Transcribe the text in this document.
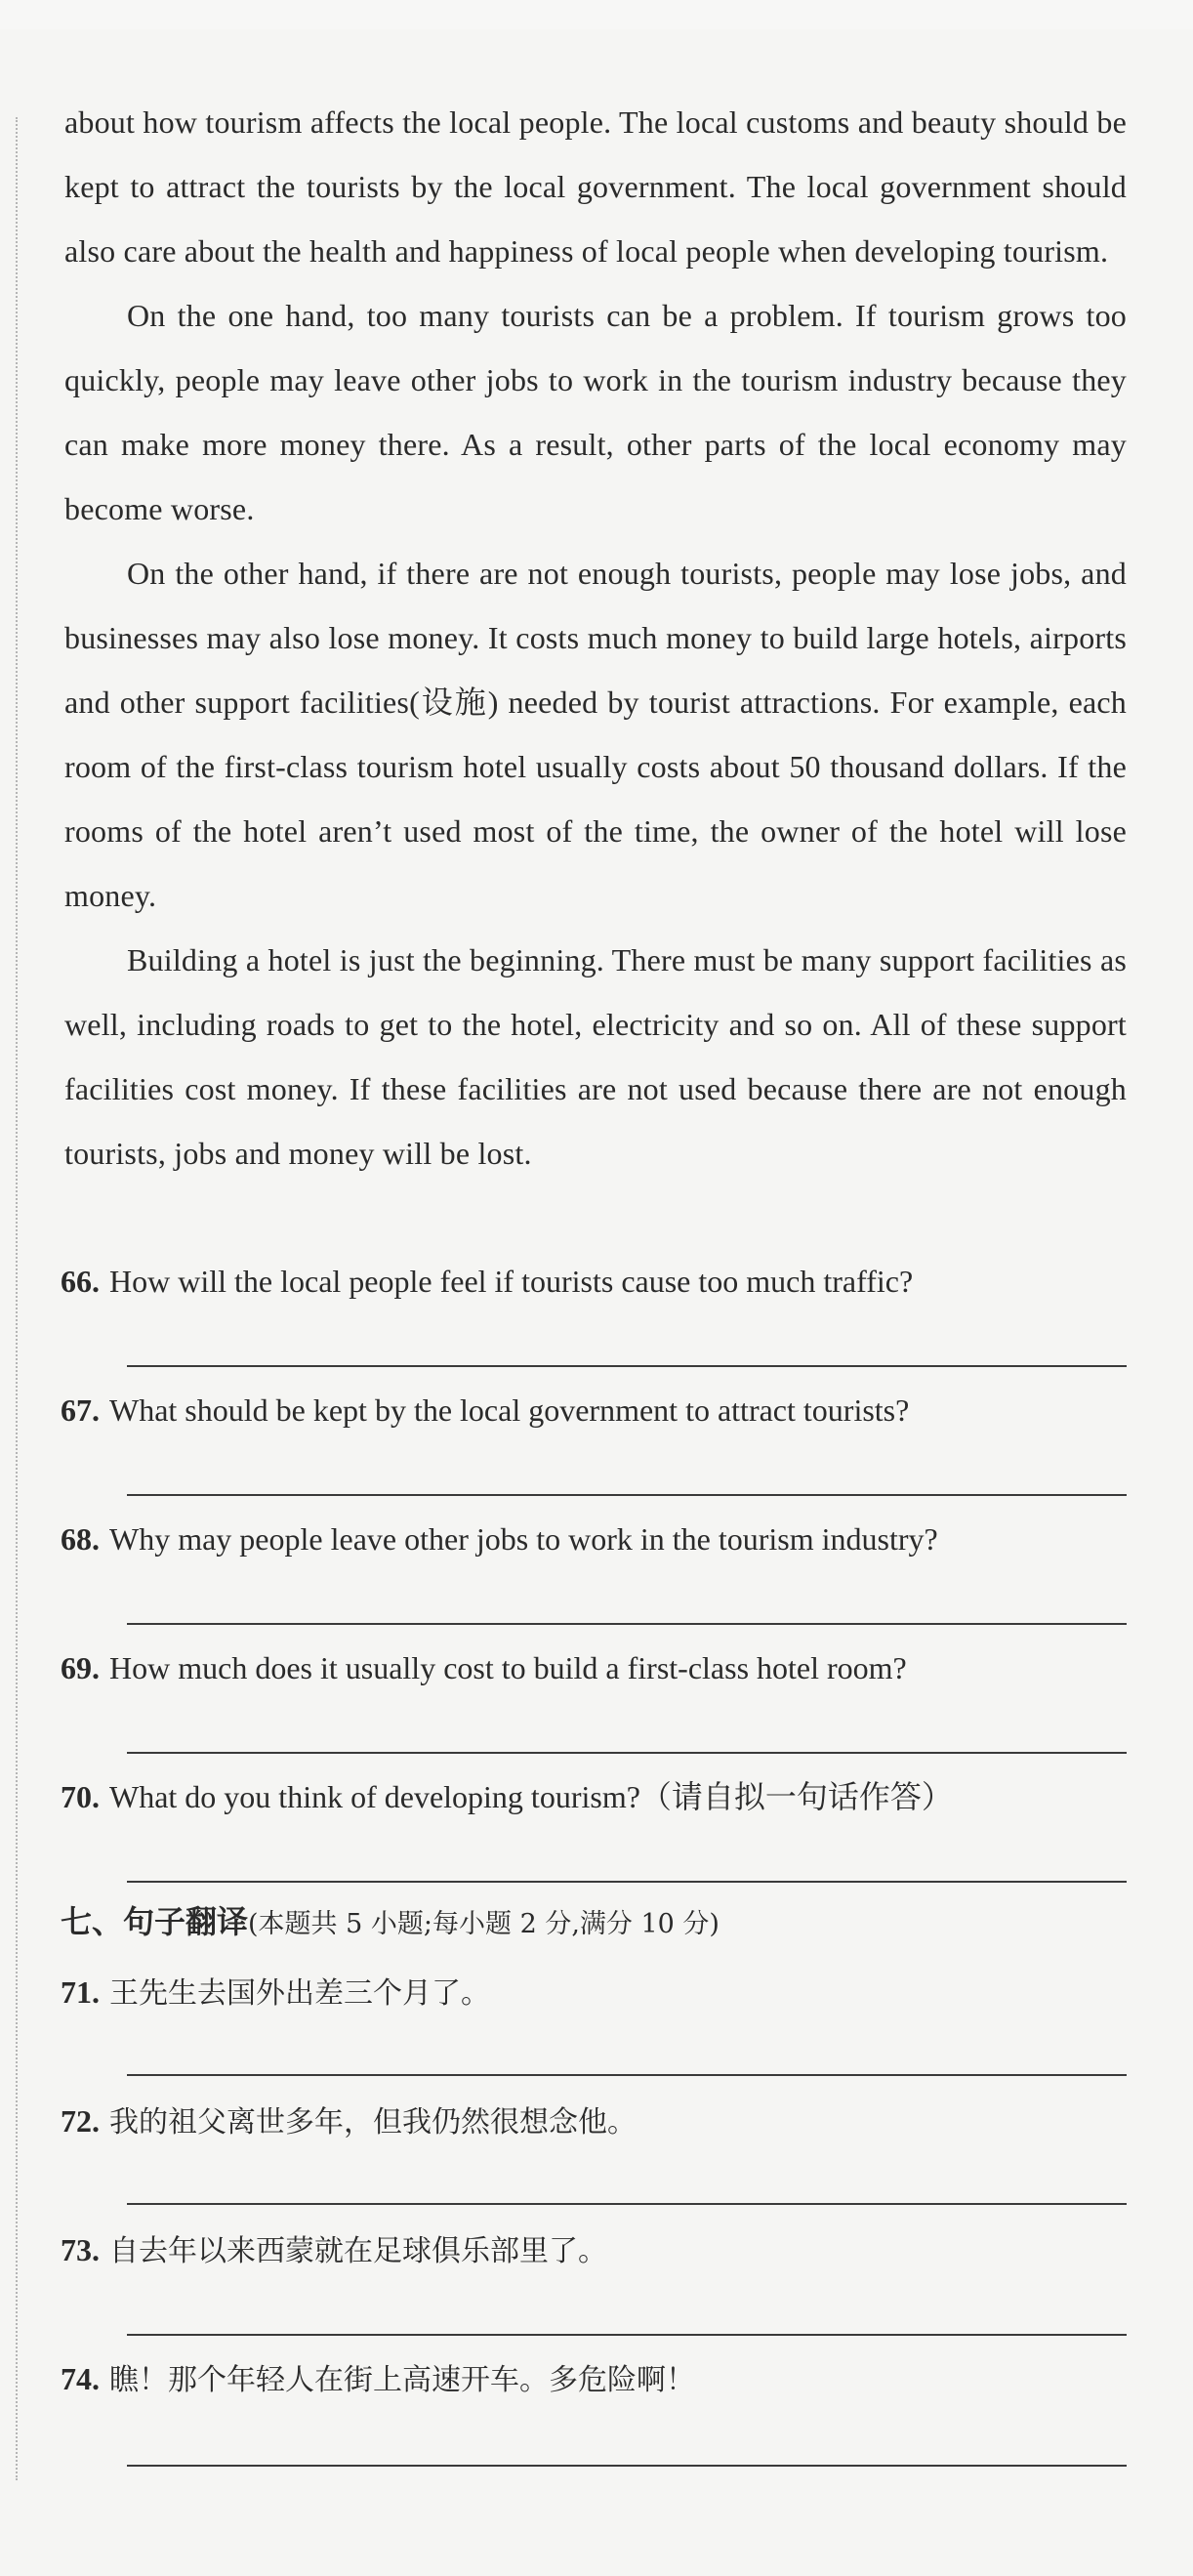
about how tourism affects the local people. The local customs and beauty should be kept to attract the tourists by the local government. The local government should also care about the health and happiness of local people when developing tourism.

On the one hand, too many tourists can be a problem. If tourism grows too quickly, people may leave other jobs to work in the tourism industry because they can make more money there. As a result, other parts of the local economy may become worse.

On the other hand, if there are not enough tourists, people may lose jobs, and businesses may also lose money. It costs much money to build large hotels, airports and other support facilities(设施) needed by tourist attractions. For example, each room of the first-class tourism hotel usually costs about 50 thousand dollars. If the rooms of the hotel aren’t used most of the time, the owner of the hotel will lose money.

Building a hotel is just the beginning. There must be many support facilities as well, including roads to get to the hotel, electricity and so on. All of these support facilities cost money. If these facilities are not used because there are not enough tourists, jobs and money will be lost.

66. How will the local people feel if tourists cause too much traffic?
67. What should be kept by the local government to attract tourists?
68. Why may people leave other jobs to work in the tourism industry?
69. How much does it usually cost to build a first-class hotel room?
70. What do you think of developing tourism?（请自拟一句话作答）
七、句子翻译(本题共 5 小题;每小题 2 分,满分 10 分)
71. 王先生去国外出差三个月了。
72. 我的祖父离世多年，但我仍然很想念他。
73. 自去年以来西蒙就在足球俱乐部里了。
74. 瞧！那个年轻人在街上高速开车。多危险啊！
